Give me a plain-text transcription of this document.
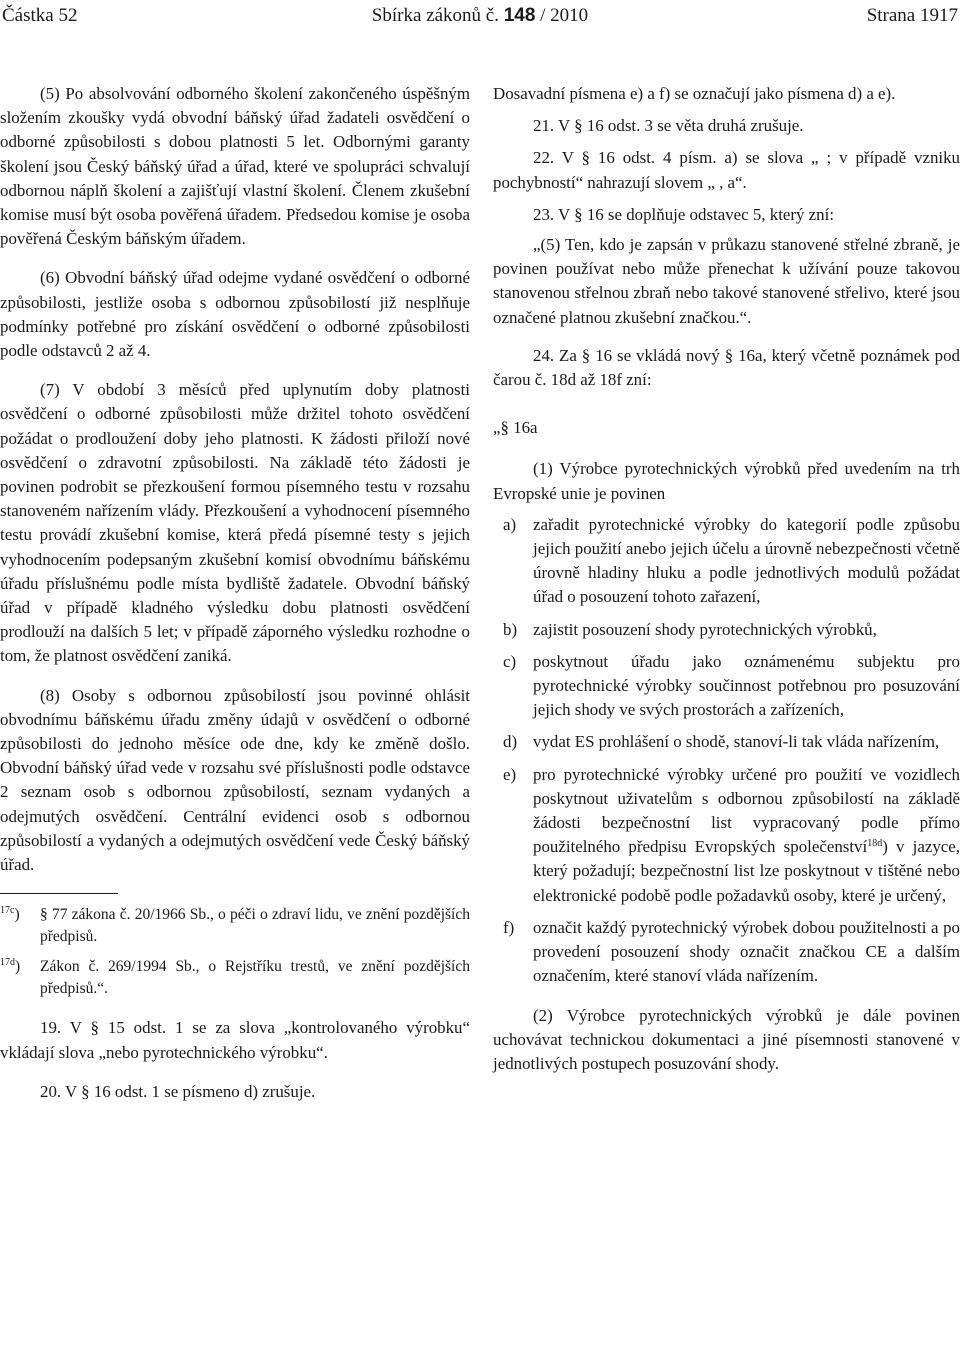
Částka 52	Sbírka zákonů č. 148 / 2010	Strana 1917

(5) Po absolvování odborného školení zakončeného úspěšným složením zkoušky vydá obvodní báňský úřad žadateli osvědčení o odborné způsobilosti s dobou platnosti 5 let. Odbornými garanty školení jsou Český báňský úřad a úřad, které ve spolupráci schvalují odbornou náplň školení a zajišťují vlastní školení. Členem zkušební komise musí být osoba pověřená úřadem. Předsedou komise je osoba pověřená Českým báňským úřadem.

(6) Obvodní báňský úřad odejme vydané osvědčení o odborné způsobilosti, jestliže osoba s odbornou způsobilostí již nesplňuje podmínky potřebné pro získání osvědčení o odborné způsobilosti podle odstavců 2 až 4.

(7) V období 3 měsíců před uplynutím doby platnosti osvědčení o odborné způsobilosti může držitel tohoto osvědčení požádat o prodloužení doby jeho platnosti. K žádosti přiloží nové osvědčení o zdravotní způsobilosti. Na základě této žádosti je povinen podrobit se přezkoušení formou písemného testu v rozsahu stanoveném nařízením vlády. Přezkoušení a vyhodnocení písemného testu provádí zkušební komise, která předá písemné testy s jejich vyhodnocením podepsaným zkušební komisí obvodnímu báňskému úřadu příslušnému podle místa bydliště žadatele. Obvodní báňský úřad v případě kladného výsledku dobu platnosti osvědčení prodlouží na dalších 5 let; v případě záporného výsledku rozhodne o tom, že platnost osvědčení zaniká.

(8) Osoby s odbornou způsobilostí jsou povinné ohlásit obvodnímu báňskému úřadu změny údajů v osvědčení o odborné způsobilosti do jednoho měsíce ode dne, kdy ke změně došlo. Obvodní báňský úřad vede v rozsahu své příslušnosti podle odstavce 2 seznam osob s odbornou způsobilostí, seznam vydaných a odejmutých osvědčení. Centrální evidenci osob s odbornou způsobilostí a vydaných a odejmutých osvědčení vede Český báňský úřad.

$^{17c}$) § 77 zákona č. 20/1966 Sb., o péči o zdraví lidu, ve znění pozdějších předpisů.
$^{17d}$) Zákon č. 269/1994 Sb., o Rejstříku trestů, ve znění pozdějších předpisů.“.

19. V § 15 odst. 1 se za slova „kontrolovaného výrobku“ vkládají slova „nebo pyrotechnického výrobku“.

20. V § 16 odst. 1 se písmeno d) zrušuje.

Dosavadní písmena e) a f) se označují jako písmena d) a e).

21. V § 16 odst. 3 se věta druhá zrušuje.

22. V § 16 odst. 4 písm. a) se slova „ ; v případě vzniku pochybností“ nahrazují slovem „ , a“.

23. V § 16 se doplňuje odstavec 5, který zní:

„(5) Ten, kdo je zapsán v průkazu stanovené střelné zbraně, je povinen používat nebo může přenechat k užívání pouze takovou stanovenou střelnou zbraň nebo takové stanovené střelivo, které jsou označené platnou zkušební značkou.“.

24. Za § 16 se vkládá nový § 16a, který včetně poznámek pod čarou č. 18d až 18f zní:

„§ 16a

(1) Výrobce pyrotechnických výrobků před uvedením na trh Evropské unie je povinen

a) zařadit pyrotechnické výrobky do kategorií podle způsobu jejich použití anebo jejich účelu a úrovně nebezpečnosti včetně úrovně hladiny hluku a podle jednotlivých modulů požádat úřad o posouzení tohoto zařazení,
b) zajistit posouzení shody pyrotechnických výrobků,
c) poskytnout úřadu jako oznámenému subjektu pro pyrotechnické výrobky součinnost potřebnou pro posuzování jejich shody ve svých prostorách a zařízeních,
d) vydat ES prohlášení o shodě, stanoví-li tak vláda nařízením,
e) pro pyrotechnické výrobky určené pro použití ve vozidlech poskytnout uživatelům s odbornou způsobilostí na základě žádosti bezpečnostní list vypracovaný podle přímo použitelného předpisu Evropských společenství$^{18d}$) v jazyce, který požadují; bezpečnostní list lze poskytnout v tištěné nebo elektronické podobě podle požadavků osoby, které je určený,
f) označit každý pyrotechnický výrobek dobou použitelnosti a po provedení posouzení shody označit značkou CE a dalším označením, které stanoví vláda nařízením.

(2) Výrobce pyrotechnických výrobků je dále povinen uchovávat technickou dokumentaci a jiné písemnosti stanovené v jednotlivých postupech posuzování shody.
